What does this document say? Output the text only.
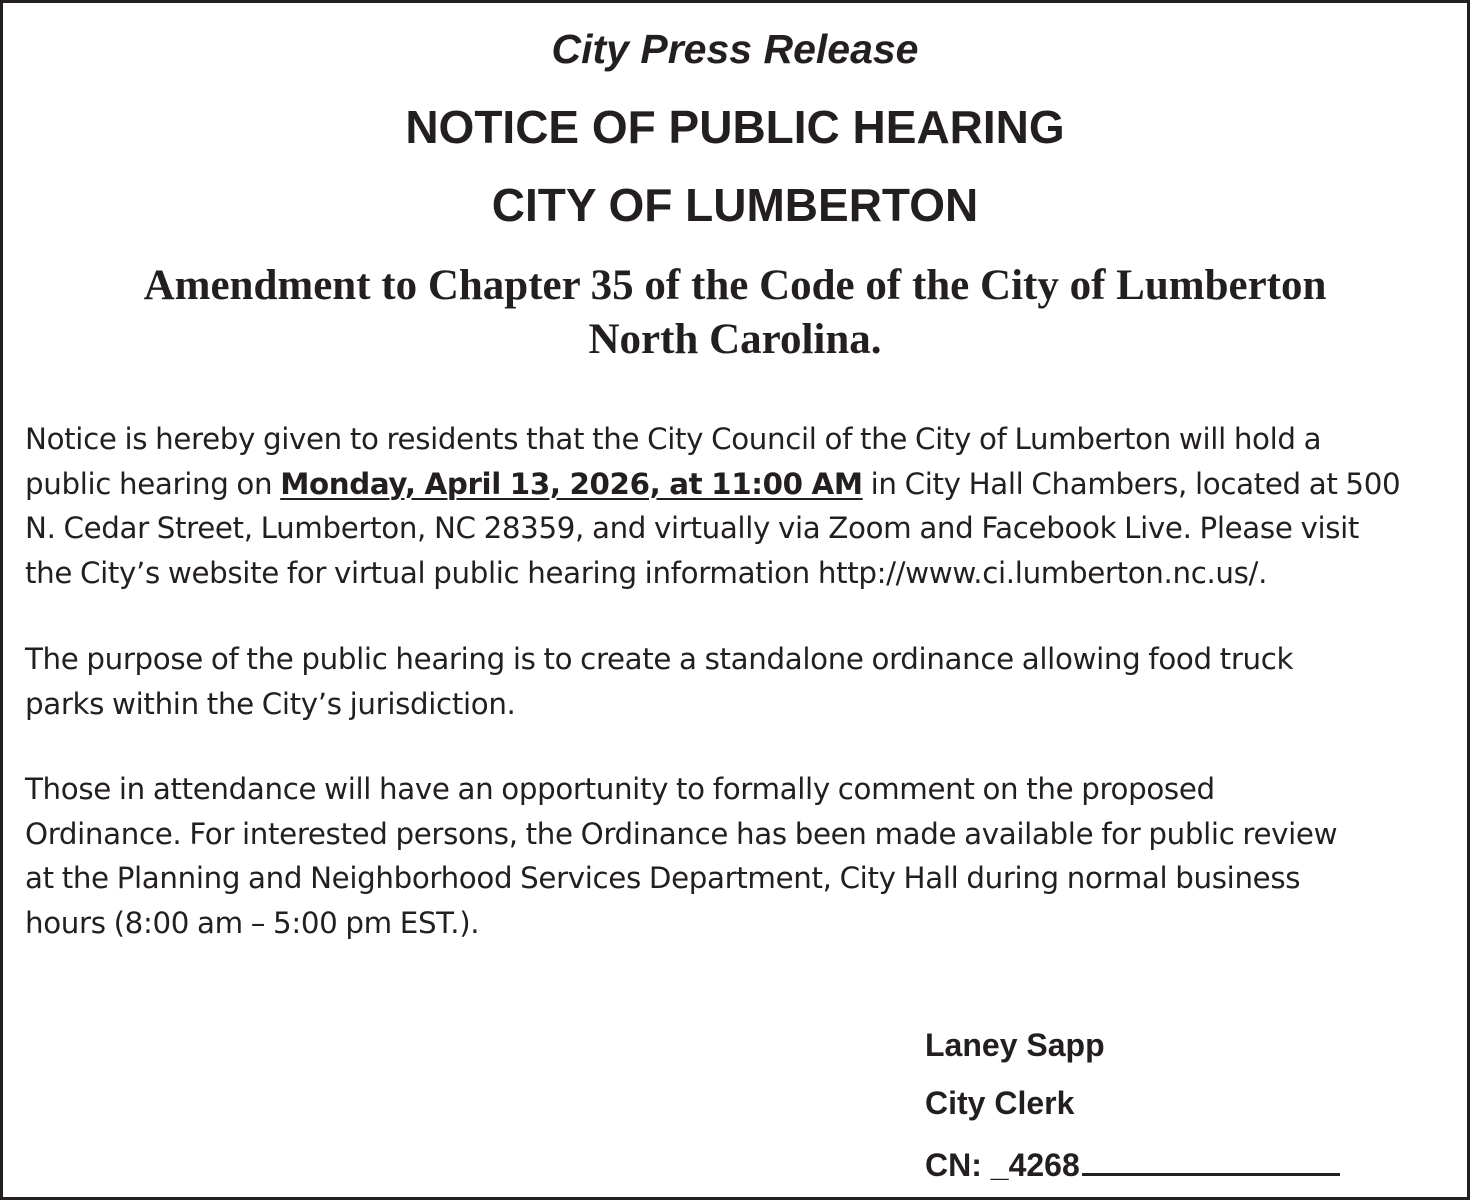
City Press Release
NOTICE OF PUBLIC HEARING
CITY OF LUMBERTON
Amendment to Chapter 35 of the Code of the City of Lumberton
North Carolina.
Notice is hereby given to residents that the City Council of the City of Lumberton will hold a
public hearing on Monday, April 13, 2026, at 11:00 AM in City Hall Chambers, located at 500
N. Cedar Street, Lumberton, NC 28359, and virtually via Zoom and Facebook Live. Please visit
the City’s website for virtual public hearing information http://www.ci.lumberton.nc.us/.
The purpose of the public hearing is to create a standalone ordinance allowing food truck
parks within the City’s jurisdiction.
Those in attendance will have an opportunity to formally comment on the proposed
Ordinance. For interested persons, the Ordinance has been made available for public review
at the Planning and Neighborhood Services Department, City Hall during normal business
hours (8:00 am – 5:00 pm EST.).
Laney Sapp
City Clerk
CN: _4268
